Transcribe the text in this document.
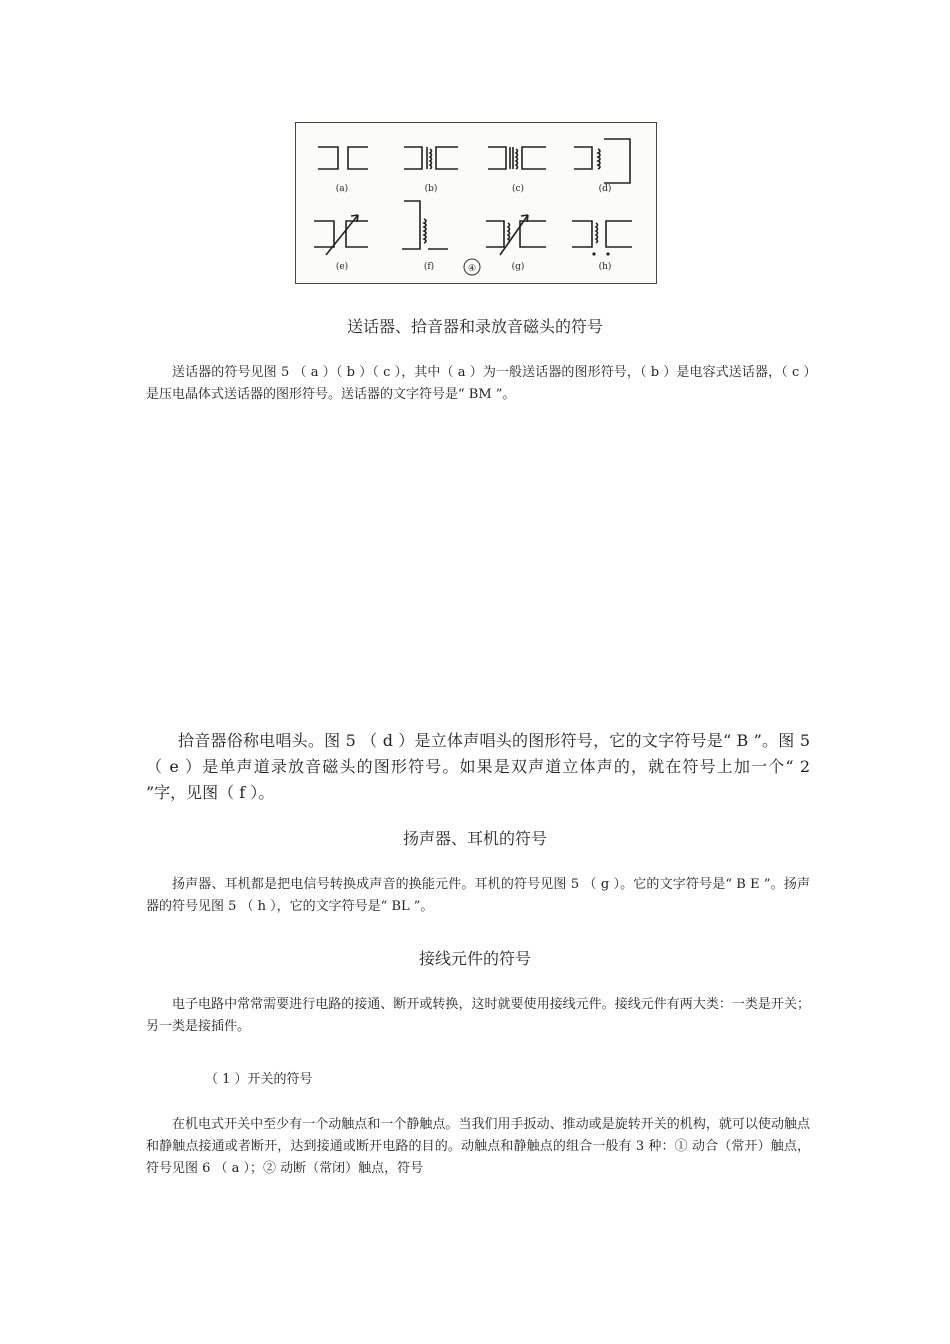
(a)	(b)	(c)	(d)
(e)	(f)	(g)	(h)
④
送话器、拾音器和录放音磁头的符号

送话器的符号见图 5 （ a ）（ b ）（ c ），其中（ a ）为一般送话器的图形符号，（ b ）是电容式送话器，（ c ）是压电晶体式送话器的图形符号。送话器的文字符号是“ BM ”。

拾音器俗称电唱头。图 5 （ d ）是立体声唱头的图形符号，它的文字符号是“ B ”。图 5 （ e ）是单声道录放音磁头的图形符号。如果是双声道立体声的，就在符号上加一个“ 2 ”字，见图（ f ）。

扬声器、耳机的符号

扬声器、耳机都是把电信号转换成声音的换能元件。耳机的符号见图 5 （ g ）。它的文字符号是“ B E ”。扬声器的符号见图 5 （ h ），它的文字符号是“ BL ”。

接线元件的符号

电子电路中常常需要进行电路的接通、断开或转换，这时就要使用接线元件。接线元件有两大类：一类是开关；另一类是接插件。

（ 1 ）开关的符号

在机电式开关中至少有一个动触点和一个静触点。当我们用手扳动、推动或是旋转开关的机构，就可以使动触点和静触点接通或者断开，达到接通或断开电路的目的。动触点和静触点的组合一般有 3 种：① 动合（常开）触点，符号见图 6 （ a ）；② 动断（常闭）触点，符号
